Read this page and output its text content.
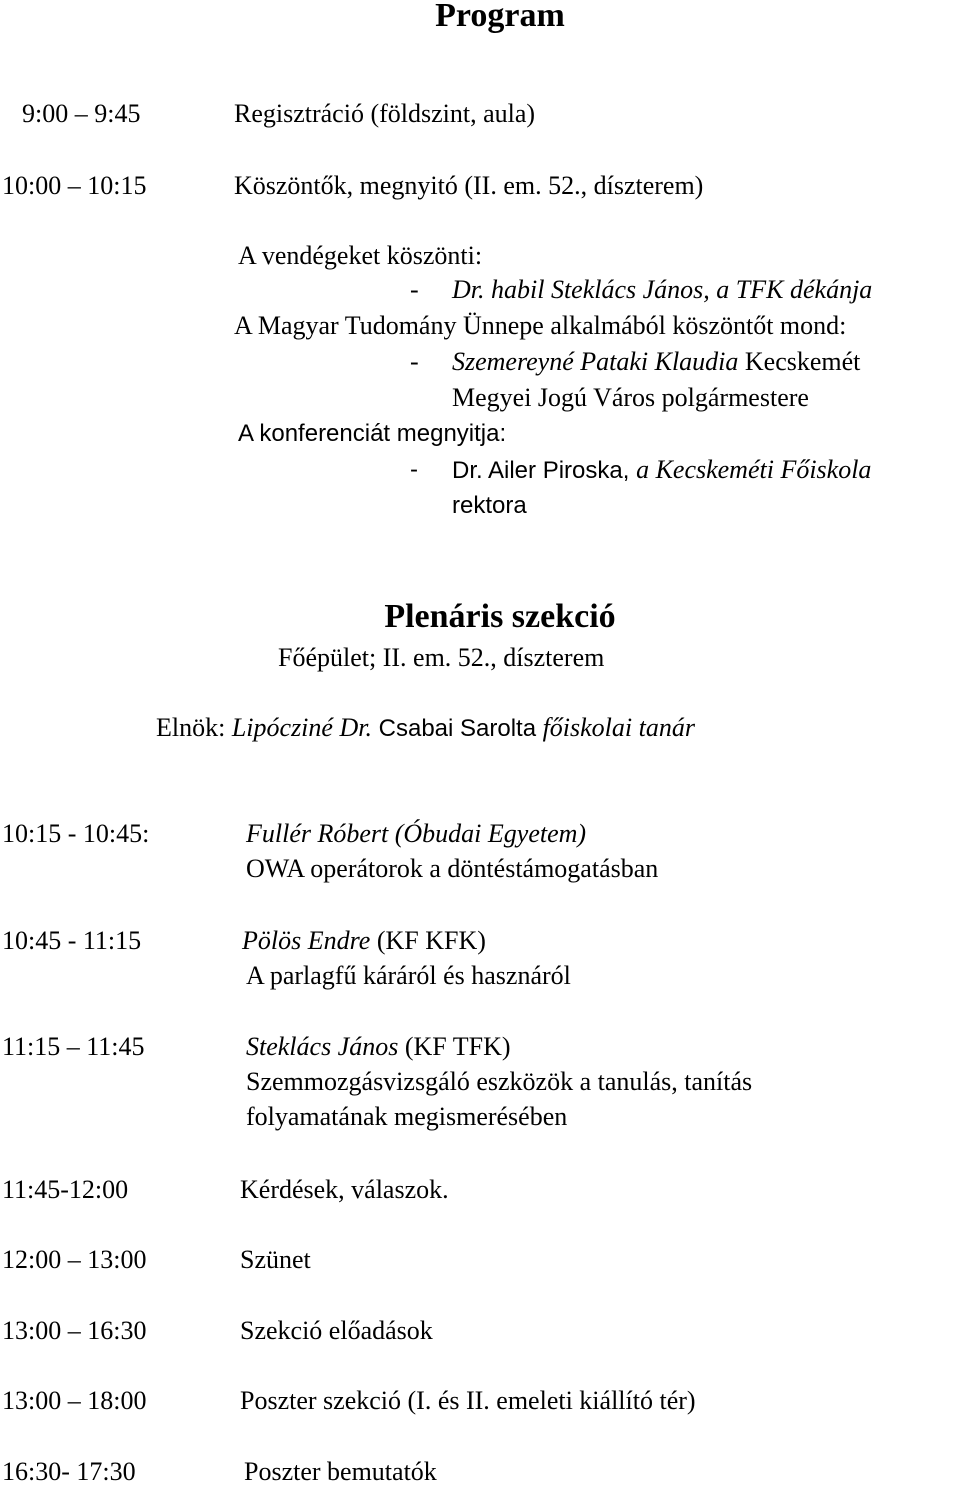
Program
9:00 – 9:45	Regisztráció (földszint, aula)
10:00 – 10:15	Köszöntők, megnyitó (II. em. 52., díszterem)
A vendégeket köszönti:
- Dr. habil Steklács János, a TFK dékánja
A Magyar Tudomány Ünnepe alkalmából köszöntőt mond:
- Szemereyné Pataki Klaudia Kecskemét
Megyei Jogú Város polgármestere
A konferenciát megnyitja:
- Dr. Ailer Piroska, a Kecskeméti Főiskola
rektora
Plenáris szekció
Főépület; II. em. 52., díszterem
Elnök: Lipócziné Dr. Csabai Sarolta főiskolai tanár
10:15 - 10:45:	Fullér Róbert (Óbudai Egyetem)
OWA operátorok a döntéstámogatásban
10:45 - 11:15	Pölös Endre (KF KFK)
A parlagfű káráról és hasznáról
11:15 – 11:45	Steklács János (KF TFK)
Szemmozgásvizsgáló eszközök a tanulás, tanítás
folyamatának megismerésében
11:45-12:00	Kérdések, válaszok.
12:00 – 13:00	Szünet
13:00 – 16:30	Szekció előadások
13:00 – 18:00	Poszter szekció (I. és II. emeleti kiállító tér)
16:30- 17:30	Poszter bemutatók
